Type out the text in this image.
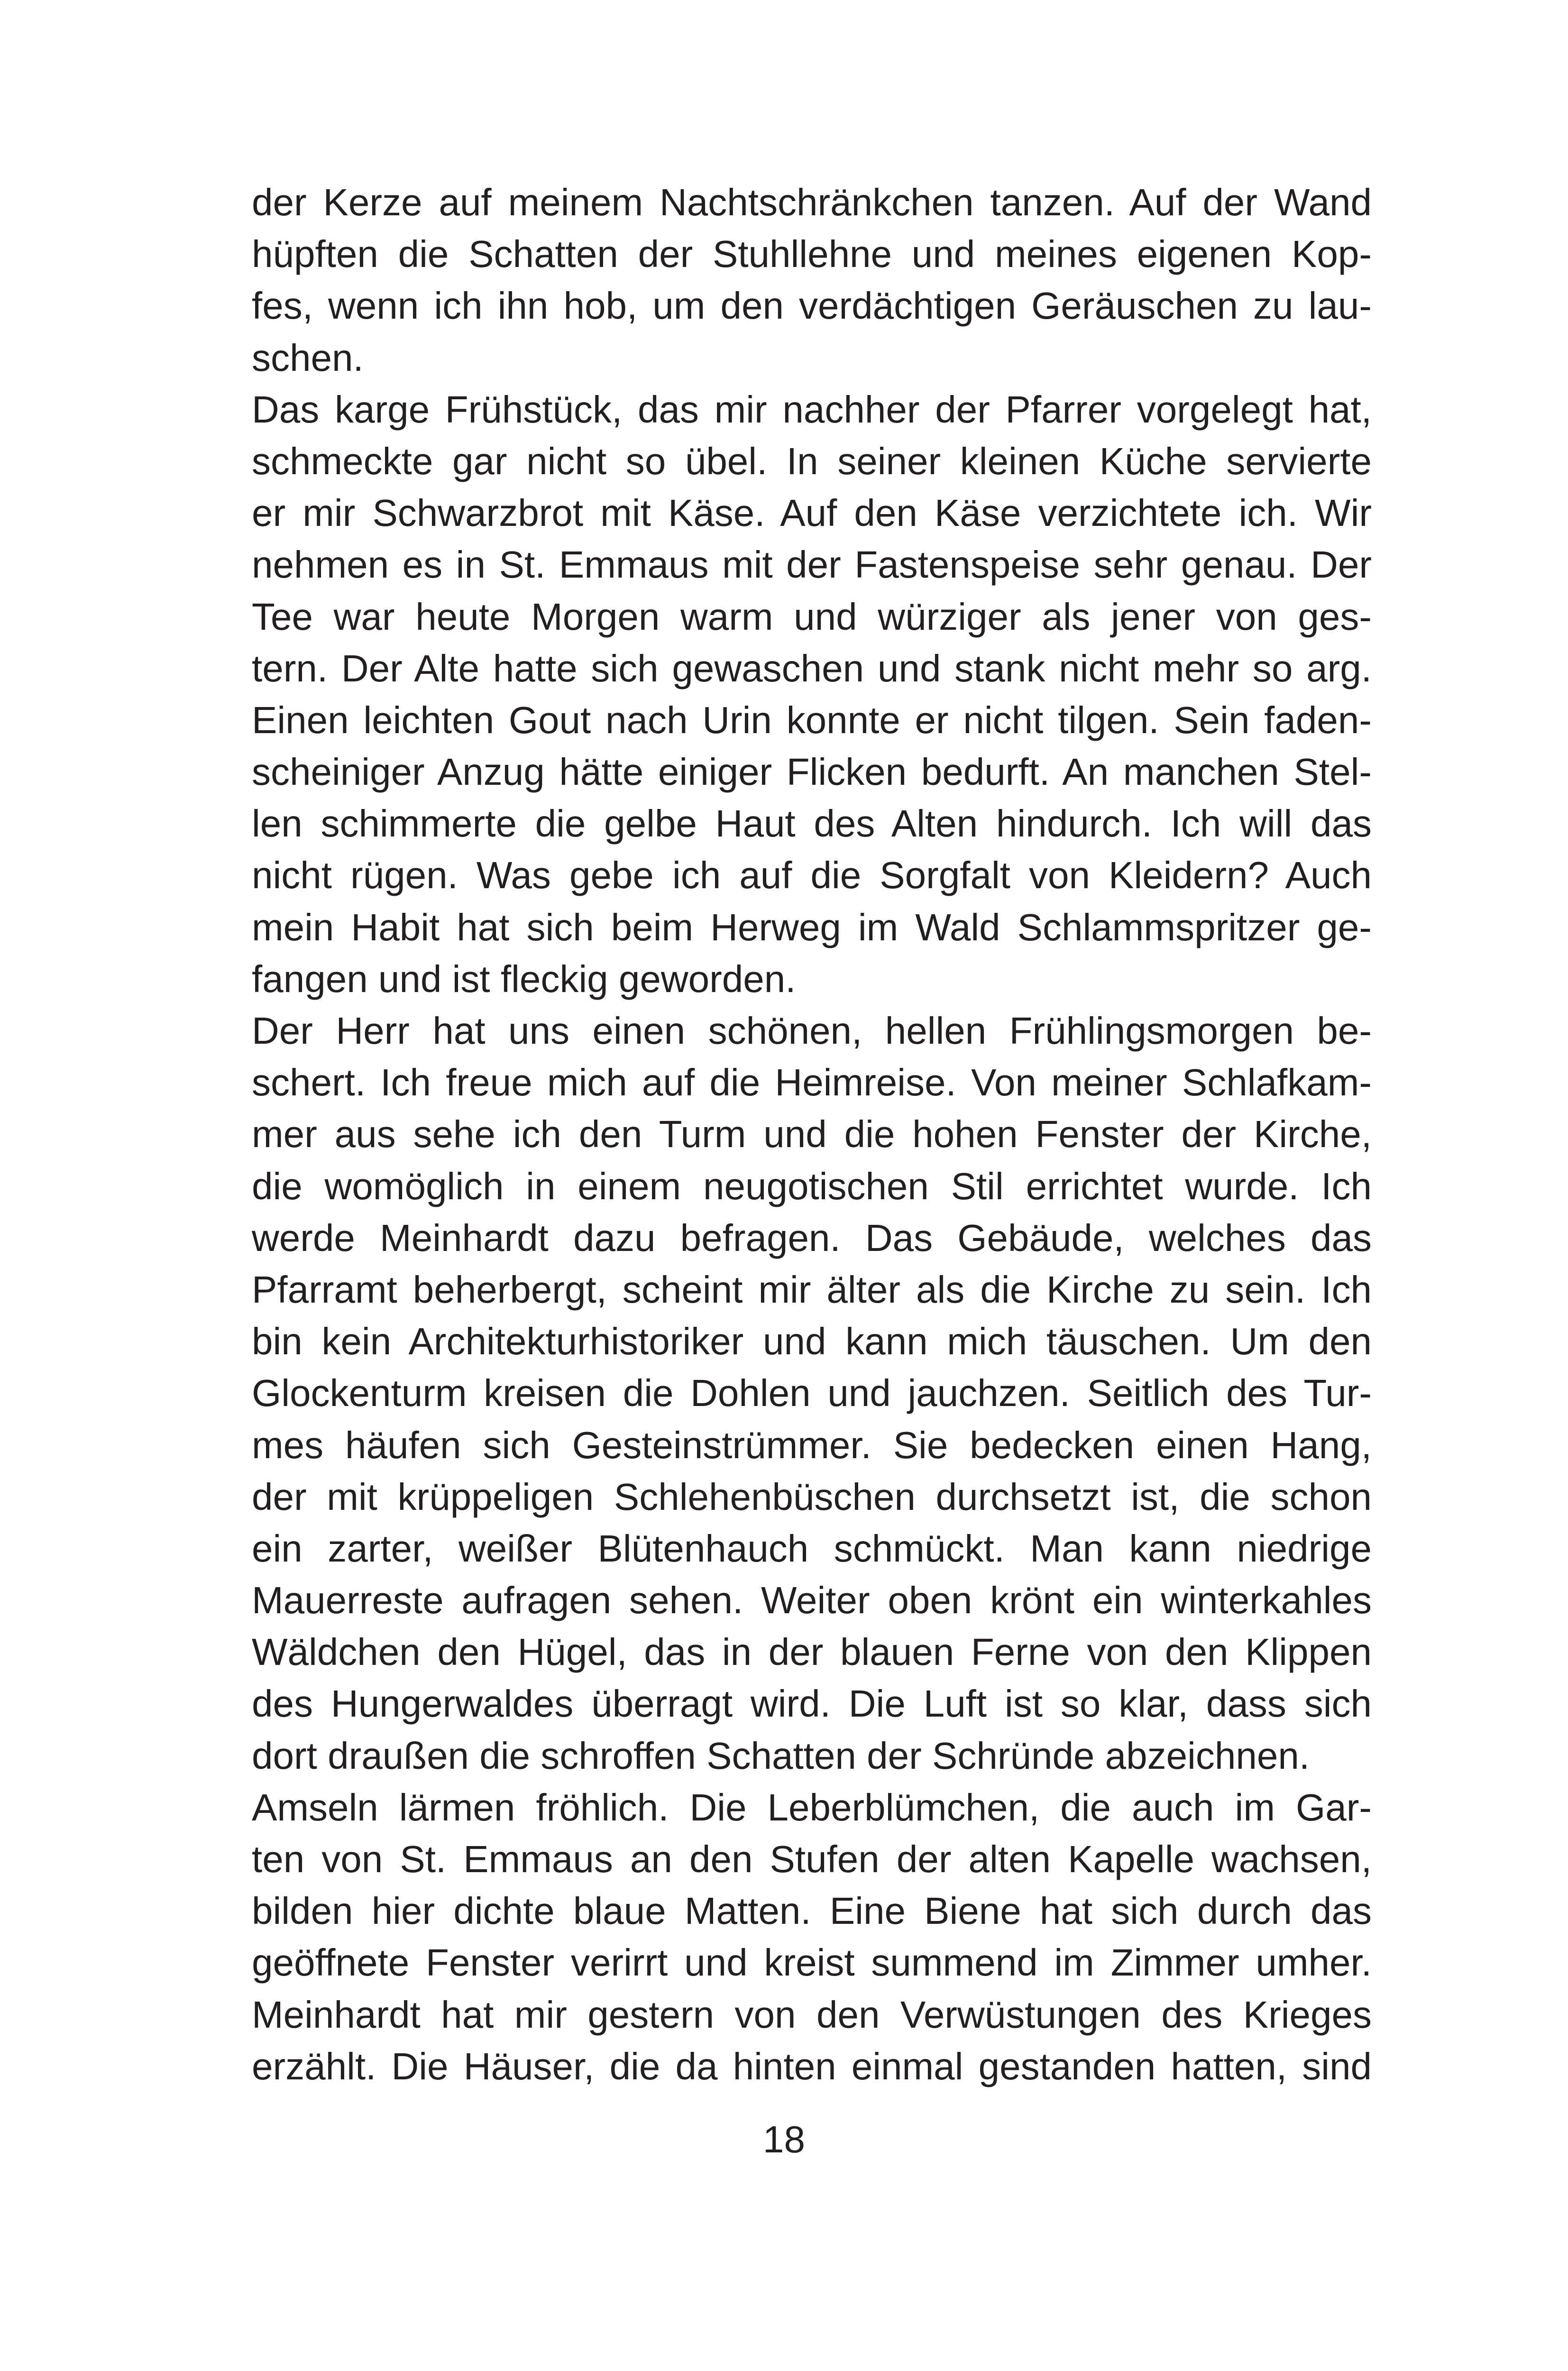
der Kerze auf meinem Nachtschränkchen tanzen. Auf der Wand
hüpften die Schatten der Stuhllehne und meines eigenen Kop-
fes, wenn ich ihn hob, um den verdächtigen Geräuschen zu lau-
schen.
Das karge Frühstück, das mir nachher der Pfarrer vorgelegt hat,
schmeckte gar nicht so übel. In seiner kleinen Küche servierte
er mir Schwarzbrot mit Käse. Auf den Käse verzichtete ich. Wir
nehmen es in St. Emmaus mit der Fastenspeise sehr genau. Der
Tee war heute Morgen warm und würziger als jener von ges-
tern. Der Alte hatte sich gewaschen und stank nicht mehr so arg.
Einen leichten Gout nach Urin konnte er nicht tilgen. Sein faden-
scheiniger Anzug hätte einiger Flicken bedurft. An manchen Stel-
len schimmerte die gelbe Haut des Alten hindurch. Ich will das
nicht rügen. Was gebe ich auf die Sorgfalt von Kleidern? Auch
mein Habit hat sich beim Herweg im Wald Schlammspritzer ge-
fangen und ist fleckig geworden.
Der Herr hat uns einen schönen, hellen Frühlingsmorgen be-
schert. Ich freue mich auf die Heimreise. Von meiner Schlafkam-
mer aus sehe ich den Turm und die hohen Fenster der Kirche,
die womöglich in einem neugotischen Stil errichtet wurde. Ich
werde Meinhardt dazu befragen. Das Gebäude, welches das
Pfarramt beherbergt, scheint mir älter als die Kirche zu sein. Ich
bin kein Architekturhistoriker und kann mich täuschen. Um den
Glockenturm kreisen die Dohlen und jauchzen. Seitlich des Tur-
mes häufen sich Gesteinstrümmer. Sie bedecken einen Hang,
der mit krüppeligen Schlehenbüschen durchsetzt ist, die schon
ein zarter, weißer Blütenhauch schmückt. Man kann niedrige
Mauerreste aufragen sehen. Weiter oben krönt ein winterkahles
Wäldchen den Hügel, das in der blauen Ferne von den Klippen
des Hungerwaldes überragt wird. Die Luft ist so klar, dass sich
dort draußen die schroffen Schatten der Schründe abzeichnen.
Amseln lärmen fröhlich. Die Leberblümchen, die auch im Gar-
ten von St. Emmaus an den Stufen der alten Kapelle wachsen,
bilden hier dichte blaue Matten. Eine Biene hat sich durch das
geöffnete Fenster verirrt und kreist summend im Zimmer umher.
Meinhardt hat mir gestern von den Verwüstungen des Krieges
erzählt. Die Häuser, die da hinten einmal gestanden hatten, sind
18
